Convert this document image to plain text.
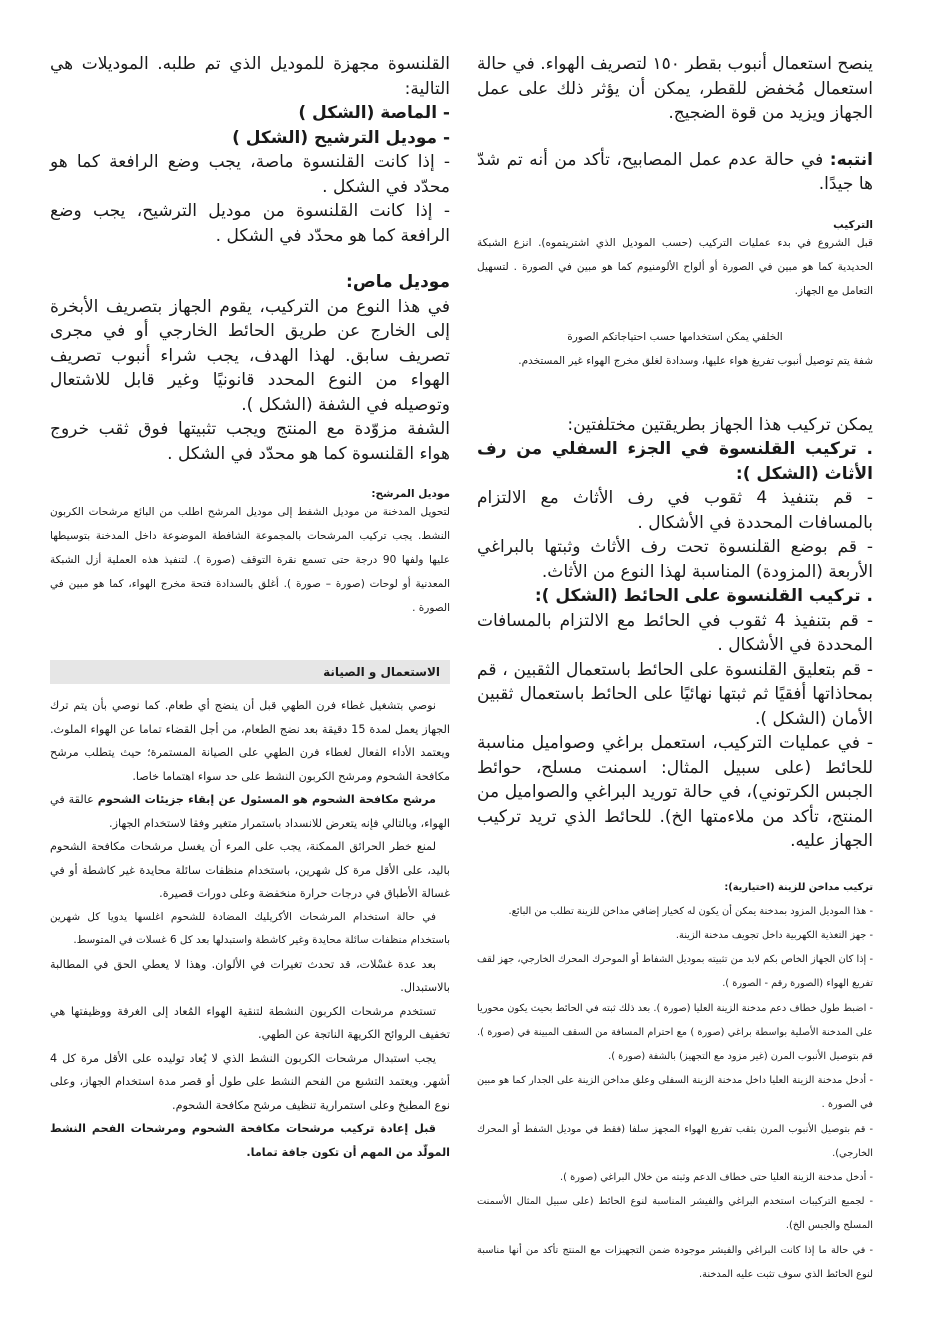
ينصح استعمال أنبوب بقطر ١٥٠ لتصريف الهواء. في حالة استعمال مُخفض للقطر، يمكن أن يؤثر ذلك على عمل الجهاز ويزيد من قوة الضجيج.

انتبه: في حالة عدم عمل المصابيح، تأكد من أنه تم شدّ ها جيدًا.

التركيب

قبل الشروع في بدء عمليات التركيب (حسب الموديل الذي اشتريتموه). انزع الشبكة الحديدية كما هو مبين في الصورة أو ألواح الألومنيوم كما هو مبين في الصورة . لتسهيل التعامل مع الجهاز.

الخلفي يمكن استخدامها حسب احتياجاتكم الصورة

شفة يتم توصيل أنبوب تفريغ هواء عليها، وسدادة لغلق مخرج الهواء غير المستخدم.

يمكن تركيب هذا الجهاز بطريقتين مختلفتين:

. تركيب القلنسوة في الجزء السفلي من رف الأثاث (الشكل ):

- قم بتنفيذ 4 ثقوب في رف الأثاث مع الالتزام بالمسافات المحددة في الأشكال .

- قم بوضع القلنسوة تحت رف الأثاث وثبتها بالبراغي الأربعة (المزودة) المناسبة لهذا النوع من الأثاث.

. تركيب القلنسوة على الحائط (الشكل ):

- قم بتنفيذ 4 ثقوب في الحائط مع الالتزام بالمسافات المحددة في الأشكال .

- قم بتعليق القلنسوة على الحائط باستعمال الثقبين ، قم بمحاذاتها أفقيًا ثم ثبتها نهائيًا على الحائط باستعمال ثقبين الأمان (الشكل ).

- في عمليات التركيب، استعمل براغي وصواميل مناسبة للحائط (على سبيل المثال: اسمنت مسلح، حوائط الجبس الكرتوني)، في حالة توريد البراغي والصواميل من المنتج، تأكد من ملاءمتها الخ). للحائط الذي تريد تركيب الجهاز عليه.

تركيب مداخن للزينة (اختيارية):

- هذا الموديل المزود بمدخنة يمكن أن يكون له كخيار إضافي مداخن للزينة تطلب من البائع.

- جهز التغذية الكهربية داخل تجويف مدخنة الزينة.

- إذا كان الجهاز الخاص بكم لابد من تثبيته بموديل الشفاط أو الموحرك المحرك الخارجي، جهز لقف تفريغ الهواء (الصورة رقم - الصورة ).

- اضبط طول خطاف دعم مدخنة الزينة العليا (صورة ). بعد ذلك ثبته في الحائط بحيث يكون محوريا على المدخنة الأصلية بواسطة براغي (صورة ) مع احترام المسافة من السقف المبينة في (صورة ). قم بتوصيل الأنبوب المرن (غير مزود مع التجهيز) بالشفة (صورة ).

- أدخل مدخنة الزينة العليا داخل مدخنة الزينة السفلى وعلق مداخن الزينة على الجدار كما هو مبين في الصورة .

- قم بتوصيل الأنبوب المرن بثقب تفريغ الهواء المجهز سلفا (فقط في موديل الشفط أو المحرك الخارجي).

- أدخل مدخنة الزينة العليا حتى خطاف الدعم وثبته من خلال البراغي (صورة ).

- لجميع التركيبات استخدم البراغي والفيشر المناسبة لنوع الحائط (على سبيل المثال الأسمنت المسلح والجبس الخ).

- في حالة ما إذا كانت البراغي والفيشر موجودة ضمن التجهيزات مع المنتج تأكد من أنها مناسبة لنوع الحائط الذي سوف تثبت عليه المدخنة.

القلنسوة مجهزة للموديل الذي تم طلبه. الموديلات هي التالية:

- الماصة (الشكل )

- موديل الترشيح (الشكل )

- إذا كانت القلنسوة ماصة، يجب وضع الرافعة كما هو محدّد في الشكل .

- إذا كانت القلنسوة من موديل الترشيح، يجب وضع الرافعة كما هو محدّد في الشكل .

موديل ماص:

في هذا النوع من التركيب، يقوم الجهاز بتصريف الأبخرة إلى الخارج عن طريق الحائط الخارجي أو في مجرى تصريف سابق. لهذا الهدف، يجب شراء أنبوب تصريف الهواء من النوع المحدد قانونيًا وغير قابل للاشتعال وتوصيله في الشفة (الشكل ).

الشفة مزوّدة مع المنتج ويجب تثبيتها فوق ثقب خروج هواء القلنسوة كما هو محدّد في الشكل .

موديل المرشح:

لتحويل المدخنة من موديل الشفط إلى موديل المرشح اطلب من البائع مرشحات الكربون النشط. يجب تركيب المرشحات بالمجموعة الشافطة الموضوعة داخل المدخنة بتوسيطها عليها ولفها 90 درجة حتى تسمع نقرة التوقف (صورة ). لتنفيذ هذه العملية أزل الشبكة المعدنية أو لوحات (صورة – صورة ). أغلق بالسدادة فتحة مخرج الهواء، كما هو مبين في الصورة .

الاستعمال و الصيانة

نوصي بتشغيل غطاء فرن الطهي قبل أن ينضج أي طعام. كما نوصي بأن يتم ترك الجهاز يعمل لمدة 15 دقيقة بعد نضج الطعام، من أجل القضاء تماما عن الهواء الملوث. ويعتمد الأداء الفعال لغطاء فرن الطهي على الصيانة المستمرة؛ حيث يتطلب مرشح مكافحة الشحوم ومرشح الكربون النشط على حد سواء اهتماما خاصا.

مرشح مكافحة الشحوم هو المسئول عن إبقاء جزيئات الشحوم عالقة في الهواء، وبالتالي فإنه يتعرض للانسداد باستمرار متغير وفقا لاستخدام الجهاز.

لمنع خطر الحرائق الممكنة، يجب على المرء أن يغسل مرشحات مكافحة الشحوم باليد، على الأقل مرة كل شهرين، باستخدام منظفات سائلة محايدة غير كاشطة أو في غسالة الأطباق في درجات حرارة منخفضة وعلى دورات قصيرة.

في حالة استخدام المرشحات الأكريليك المضادة للشحوم اغلسها يدويا كل شهرين باستخدام منظفات سائلة محايدة وغير كاشطة واستبدلها بعد كل 6 غسلات في المتوسط.

بعد عدة غسْلات، قد تحدث تغيرات في الألوان. وهذا لا يعطي الحق في المطالبة بالاستبدال.

تستخدم مرشحات الكربون النشطة لتنقية الهواء المُعاد إلى الغرفة ووظيفتها هي تخفيف الروائح الكريهة الناتجة عن الطهي.

يجب استبدال مرشحات الكربون النشط الذي لا يُعاد توليده على الأقل مرة كل 4 أشهر. ويعتمد التشبع من الفحم النشط على طول أو قصر مدة استخدام الجهاز، وعلى نوع المطبخ وعلى استمرارية تنظيف مرشح مكافحة الشحوم.

قبل إعادة تركيب مرشحات مكافحة الشحوم ومرشحات الفحم النشط المولّد من المهم أن تكون جافة تماما.
